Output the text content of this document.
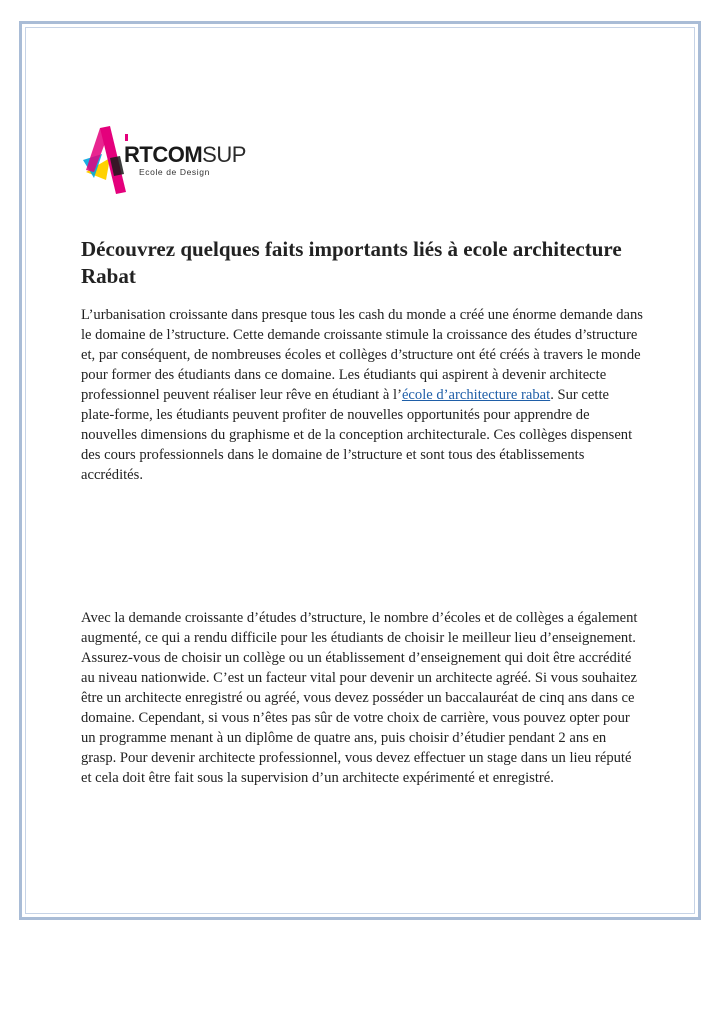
RTCOMSUP
Ecole de Design
Découvrez quelques faits importants liés à ecole architecture Rabat

L’urbanisation croissante dans presque tous les cash du monde a créé une énorme demande dans le domaine de l’structure. Cette demande croissante stimule la croissance des études d’structure et, par conséquent, de nombreuses écoles et collèges d’structure ont été créés à travers le monde pour former des étudiants dans ce domaine. Les étudiants qui aspirent à devenir architecte professionnel peuvent réaliser leur rêve en étudiant à l’école d’architecture rabat. Sur cette plate-forme, les étudiants peuvent profiter de nouvelles opportunités pour apprendre de nouvelles dimensions du graphisme et de la conception architecturale. Ces collèges dispensent des cours professionnels dans le domaine de l’structure et sont tous des établissements accrédités.

Avec la demande croissante d’études d’structure, le nombre d’écoles et de collèges a également augmenté, ce qui a rendu difficile pour les étudiants de choisir le meilleur lieu d’enseignement. Assurez-vous de choisir un collège ou un établissement d’enseignement qui doit être accrédité au niveau nationwide. C’est un facteur vital pour devenir un architecte agréé. Si vous souhaitez être un architecte enregistré ou agréé, vous devez posséder un baccalauréat de cinq ans dans ce domaine. Cependant, si vous n’êtes pas sûr de votre choix de carrière, vous pouvez opter pour un programme menant à un diplôme de quatre ans, puis choisir d’étudier pendant 2 ans en grasp. Pour devenir architecte professionnel, vous devez effectuer un stage dans un lieu réputé et cela doit être fait sous la supervision d’un architecte expérimenté et enregistré.
